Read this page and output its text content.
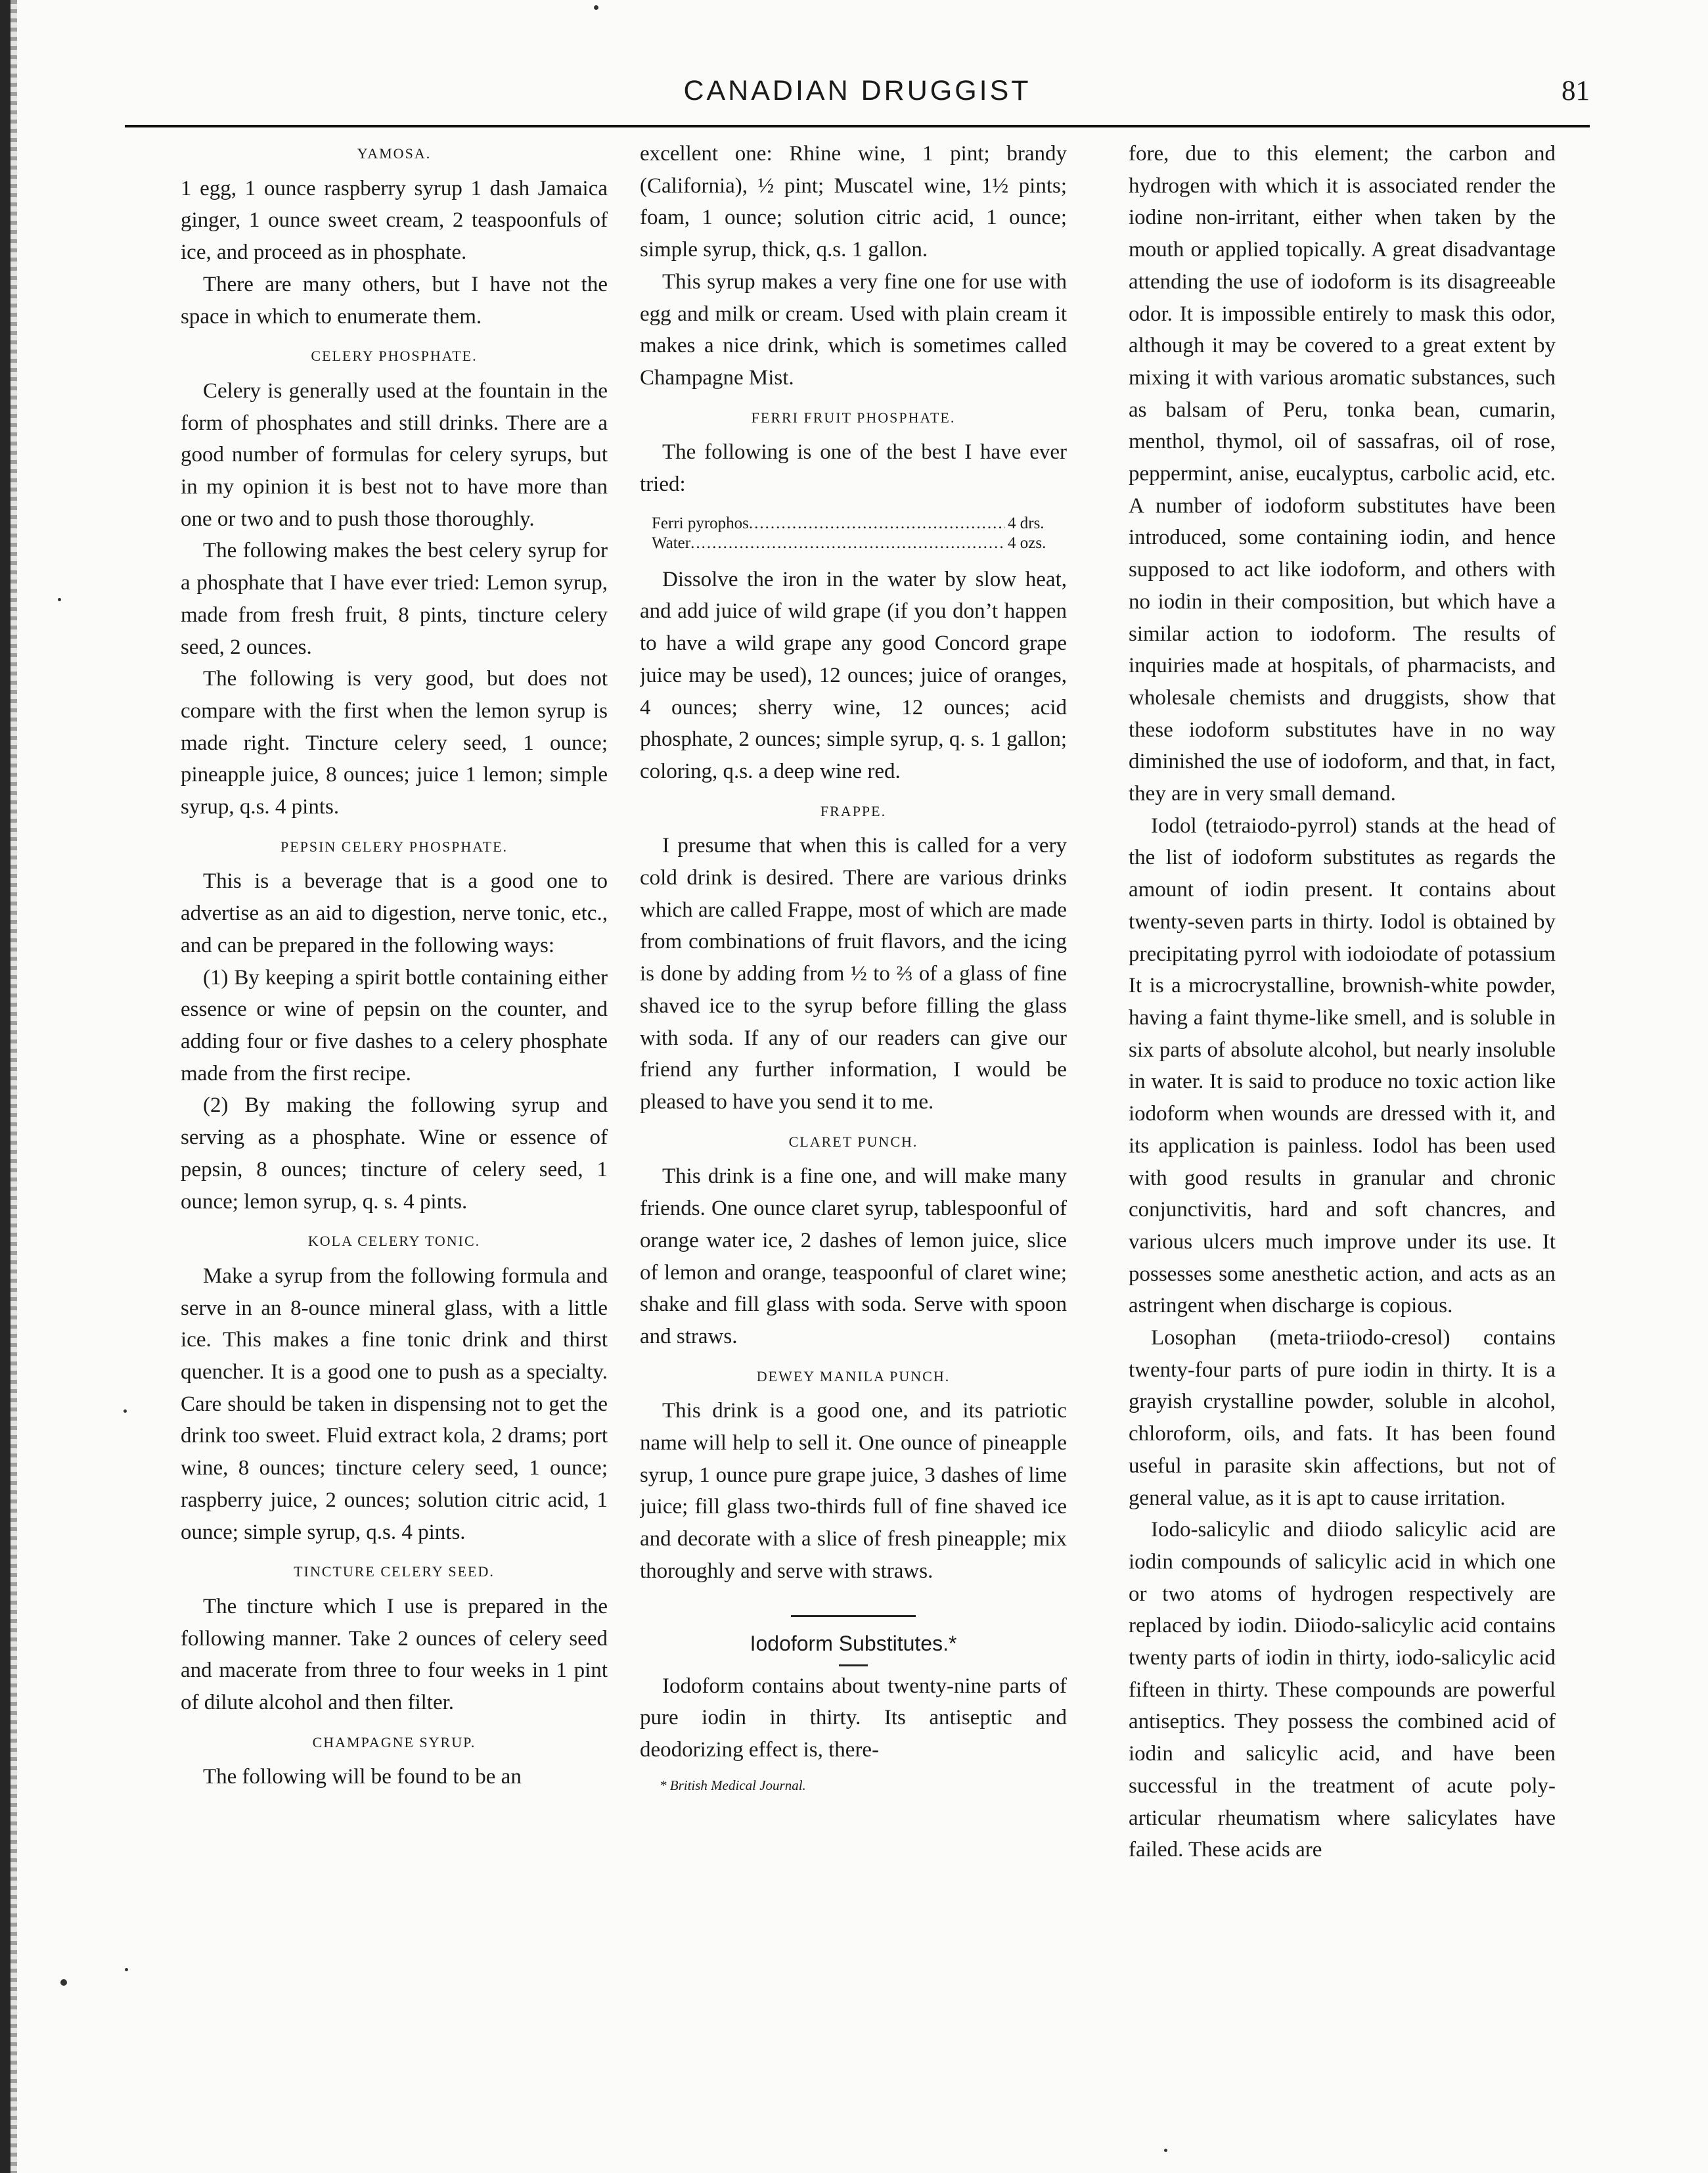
CANADIAN DRUGGIST	81
YAMOSA.

1 egg, 1 ounce raspberry syrup 1 dash Jamaica ginger, 1 ounce sweet cream, 2 teaspoonfuls of ice, and proceed as in phosphate.

There are many others, but I have not the space in which to enumerate them.

CELERY PHOSPHATE.

Celery is generally used at the fountain in the form of phosphates and still drinks. There are a good number of formulas for celery syrups, but in my opinion it is best not to have more than one or two and to push those thoroughly.

The following makes the best celery syrup for a phosphate that I have ever tried: Lemon syrup, made from fresh fruit, 8 pints, tincture celery seed, 2 ounces.

The following is very good, but does not compare with the first when the lemon syrup is made right. Tincture celery seed, 1 ounce; pineapple juice, 8 ounces; juice 1 lemon; simple syrup, q.s. 4 pints.

PEPSIN CELERY PHOSPHATE.

This is a beverage that is a good one to advertise as an aid to digestion, nerve tonic, etc., and can be prepared in the following ways:

(1) By keeping a spirit bottle containing either essence or wine of pepsin on the counter, and adding four or five dashes to a celery phosphate made from the first recipe.

(2) By making the following syrup and serving as a phosphate. Wine or essence of pepsin, 8 ounces; tincture of celery seed, 1 ounce; lemon syrup, q. s. 4 pints.

KOLA CELERY TONIC.

Make a syrup from the following formula and serve in an 8-ounce mineral glass, with a little ice. This makes a fine tonic drink and thirst quencher. It is a good one to push as a specialty. Care should be taken in dispensing not to get the drink too sweet. Fluid extract kola, 2 drams; port wine, 8 ounces; tincture celery seed, 1 ounce; raspberry juice, 2 ounces; solution citric acid, 1 ounce; simple syrup, q.s. 4 pints.

TINCTURE CELERY SEED.

The tincture which I use is prepared in the following manner. Take 2 ounces of celery seed and macerate from three to four weeks in 1 pint of dilute alcohol and then filter.

CHAMPAGNE SYRUP.

The following will be found to be an

excellent one: Rhine wine, 1 pint; brandy (California), ½ pint; Muscatel wine, 1½ pints; foam, 1 ounce; solution citric acid, 1 ounce; simple syrup, thick, q.s. 1 gallon.

This syrup makes a very fine one for use with egg and milk or cream. Used with plain cream it makes a nice drink, which is sometimes called Champagne Mist.

FERRI FRUIT PHOSPHATE.

The following is one of the best I have ever tried:

Ferri pyrophos .....	4 drs.
Water .....	4 ozs.

Dissolve the iron in the water by slow heat, and add juice of wild grape (if you don’t happen to have a wild grape any good Concord grape juice may be used), 12 ounces; juice of oranges, 4 ounces; sherry wine, 12 ounces; acid phosphate, 2 ounces; simple syrup, q. s. 1 gallon; coloring, q.s. a deep wine red.

FRAPPE.

I presume that when this is called for a very cold drink is desired. There are various drinks which are called Frappe, most of which are made from combinations of fruit flavors, and the icing is done by adding from ½ to ⅔ of a glass of fine shaved ice to the syrup before filling the glass with soda. If any of our readers can give our friend any further information, I would be pleased to have you send it to me.

CLARET PUNCH.

This drink is a fine one, and will make many friends. One ounce claret syrup, tablespoonful of orange water ice, 2 dashes of lemon juice, slice of lemon and orange, teaspoonful of claret wine; shake and fill glass with soda. Serve with spoon and straws.

DEWEY MANILA PUNCH.

This drink is a good one, and its patriotic name will help to sell it. One ounce of pineapple syrup, 1 ounce pure grape juice, 3 dashes of lime juice; fill glass two-thirds full of fine shaved ice and decorate with a slice of fresh pineapple; mix thoroughly and serve with straws.

Iodoform Substitutes.*

Iodoform contains about twenty-nine parts of pure iodin in thirty. Its antiseptic and deodorizing effect is, there-

* British Medical Journal.

fore, due to this element; the carbon and hydrogen with which it is associated render the iodine non-irritant, either when taken by the mouth or applied topically. A great disadvantage attending the use of iodoform is its disagreeable odor. It is impossible entirely to mask this odor, although it may be covered to a great extent by mixing it with various aromatic substances, such as balsam of Peru, tonka bean, cumarin, menthol, thymol, oil of sassafras, oil of rose, peppermint, anise, eucalyptus, carbolic acid, etc. A number of iodoform substitutes have been introduced, some containing iodin, and hence supposed to act like iodoform, and others with no iodin in their composition, but which have a similar action to iodoform. The results of inquiries made at hospitals, of pharmacists, and wholesale chemists and druggists, show that these iodoform substitutes have in no way diminished the use of iodoform, and that, in fact, they are in very small demand.

Iodol (tetraiodo-pyrrol) stands at the head of the list of iodoform substitutes as regards the amount of iodin present. It contains about twenty-seven parts in thirty. Iodol is obtained by precipitating pyrrol with iodoiodate of potassium It is a microcrystalline, brownish-white powder, having a faint thyme-like smell, and is soluble in six parts of absolute alcohol, but nearly insoluble in water. It is said to produce no toxic action like iodoform when wounds are dressed with it, and its application is painless. Iodol has been used with good results in granular and chronic conjunctivitis, hard and soft chancres, and various ulcers much improve under its use. It possesses some anesthetic action, and acts as an astringent when discharge is copious.

Losophan (meta-triiodo-cresol) contains twenty-four parts of pure iodin in thirty. It is a grayish crystalline powder, soluble in alcohol, chloroform, oils, and fats. It has been found useful in parasite skin affections, but not of general value, as it is apt to cause irritation.

Iodo-salicylic and diiodo salicylic acid are iodin compounds of salicylic acid in which one or two atoms of hydrogen respectively are replaced by iodin. Diiodo-salicylic acid contains twenty parts of iodin in thirty, iodo-salicylic acid fifteen in thirty. These compounds are powerful antiseptics. They possess the combined acid of iodin and salicylic acid, and have been successful in the treatment of acute poly-articular rheumatism where salicylates have failed. These acids are
